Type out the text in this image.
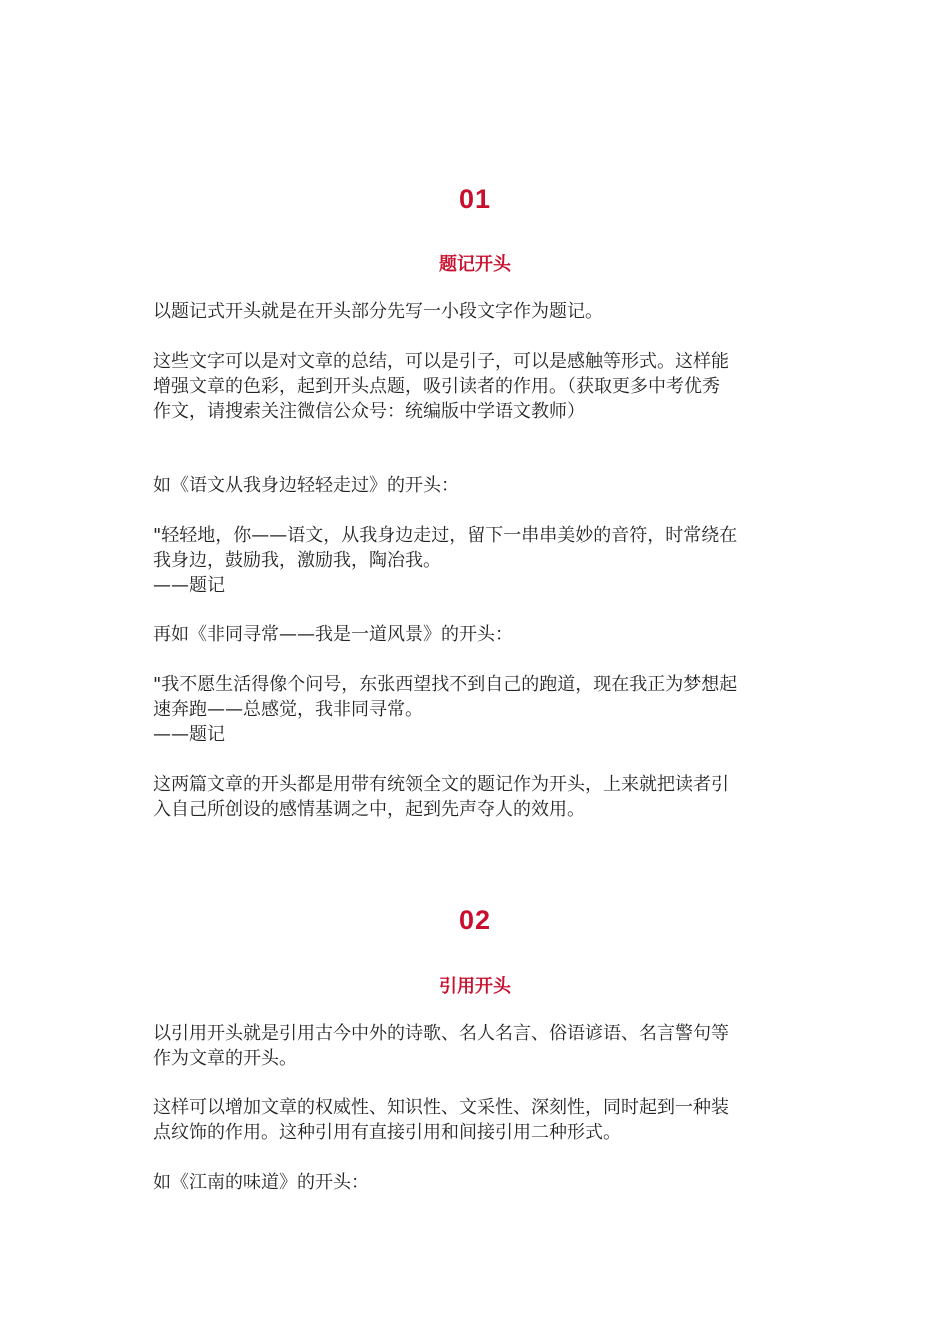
01
题记开头
以题记式开头就是在开头部分先写一小段文字作为题记。
这些文字可以是对文章的总结，可以是引子，可以是感触等形式。这样能
增强文章的色彩，起到开头点题，吸引读者的作用。（获取更多中考优秀
作文，请搜索关注微信公众号：统编版中学语文教师）
如《语文从我身边轻轻走过》的开头：
"轻轻地，你——语文，从我身边走过，留下一串串美妙的音符，时常绕在
我身边，鼓励我，激励我，陶冶我。
——题记
再如《非同寻常——我是一道风景》的开头：
"我不愿生活得像个问号，东张西望找不到自己的跑道，现在我正为梦想起
速奔跑——总感觉，我非同寻常。
——题记
这两篇文章的开头都是用带有统领全文的题记作为开头，上来就把读者引
入自己所创设的感情基调之中，起到先声夺人的效用。
02
引用开头
以引用开头就是引用古今中外的诗歌、名人名言、俗语谚语、名言警句等
作为文章的开头。
这样可以增加文章的权威性、知识性、文采性、深刻性，同时起到一种装
点纹饰的作用。这种引用有直接引用和间接引用二种形式。
如《江南的味道》的开头：
